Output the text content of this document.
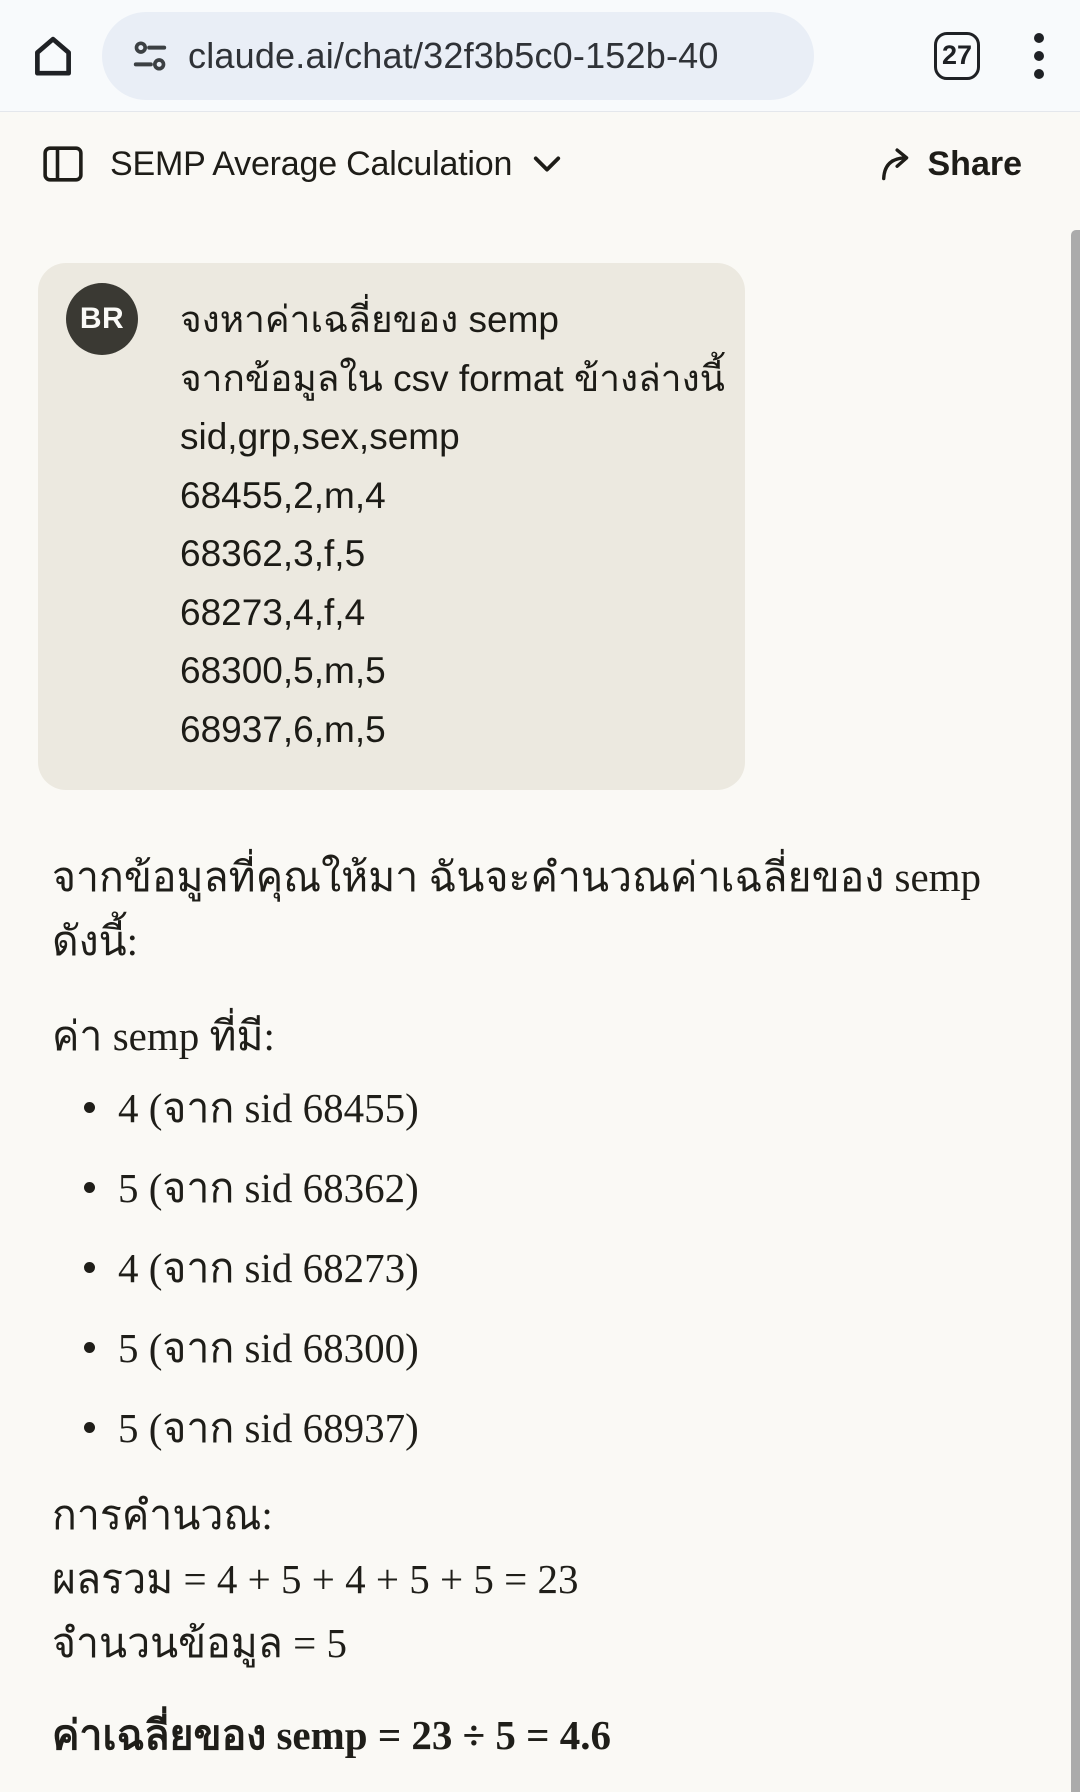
claude.ai/chat/32f3b5c0-152b-40	27
SEMP Average Calculation	Share
BR จงหาค่าเฉลี่ยของ semp
จากข้อมูลใน csv format ข้างล่างนี้
sid,grp,sex,semp
68455,2,m,4
68362,3,f,5
68273,4,f,4
68300,5,m,5
68937,6,m,5
จากข้อมูลที่คุณให้มา ฉันจะคำนวณค่าเฉลี่ยของ semp ดังนี้:
ค่า semp ที่มี:
4 (จาก sid 68455)
5 (จาก sid 68362)
4 (จาก sid 68273)
5 (จาก sid 68300)
5 (จาก sid 68937)
การคำนวณ:
ผลรวม = 4 + 5 + 4 + 5 + 5 = 23
จำนวนข้อมูล = 5
ค่าเฉลี่ยของ semp = 23 ÷ 5 = 4.6
